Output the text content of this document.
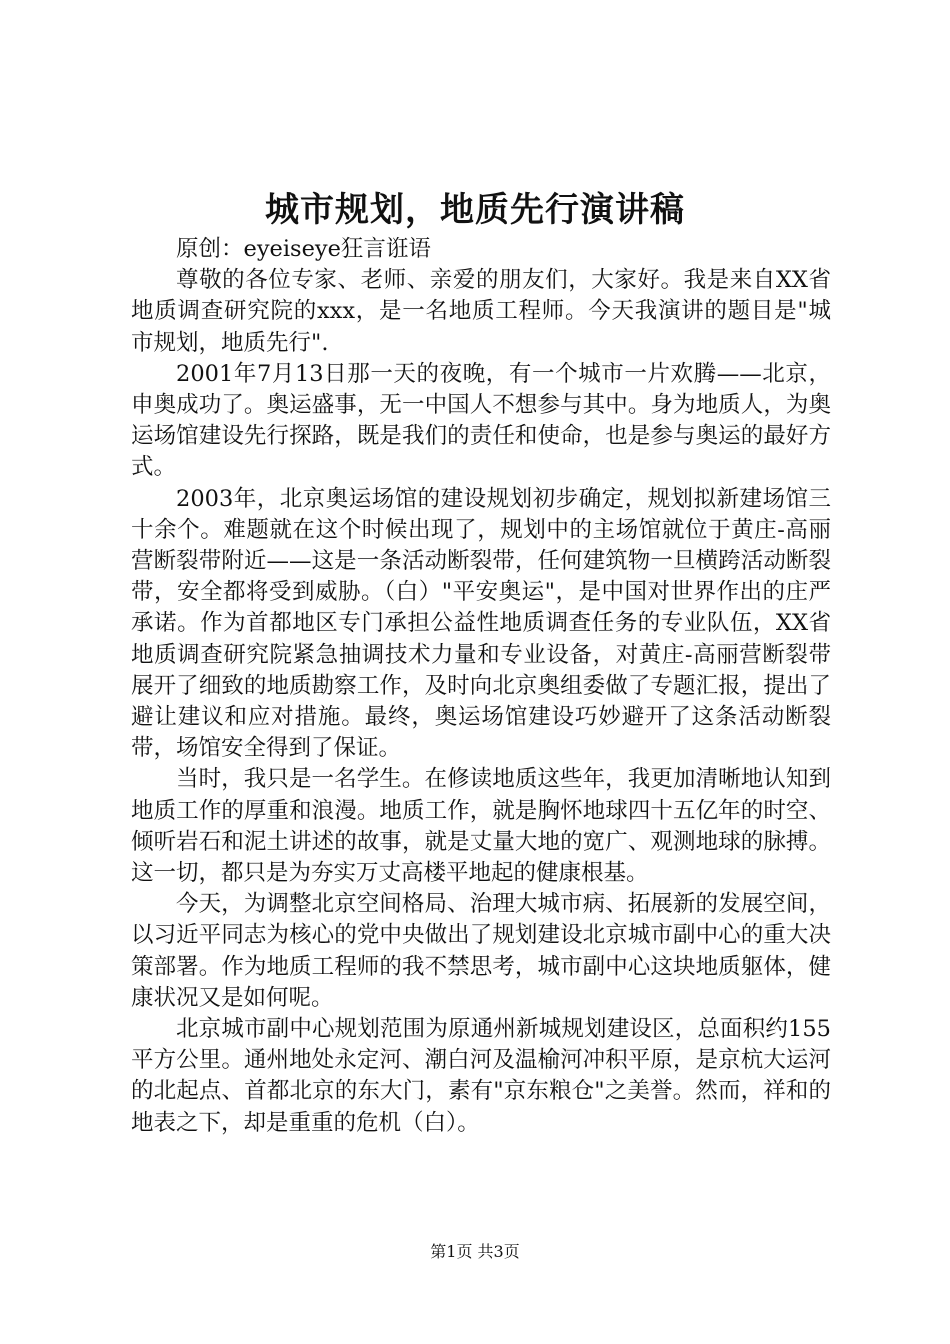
城市规划，地质先行演讲稿

原创：eyeiseye狂言诳语

尊敬的各位专家、老师、亲爱的朋友们，大家好。我是来自XX省地质调查研究院的xxx，是一名地质工程师。今天我演讲的题目是"城市规划，地质先行".

2001年7月13日那一天的夜晚，有一个城市一片欢腾——北京，申奥成功了。奥运盛事，无一中国人不想参与其中。身为地质人，为奥运场馆建设先行探路，既是我们的责任和使命，也是参与奥运的最好方式。

2003年，北京奥运场馆的建设规划初步确定，规划拟新建场馆三十余个。难题就在这个时候出现了，规划中的主场馆就位于黄庄-高丽营断裂带附近——这是一条活动断裂带，任何建筑物一旦横跨活动断裂带，安全都将受到威胁。（白）"平安奥运"，是中国对世界作出的庄严承诺。作为首都地区专门承担公益性地质调查任务的专业队伍，XX省地质调查研究院紧急抽调技术力量和专业设备，对黄庄-高丽营断裂带展开了细致的地质勘察工作，及时向北京奥组委做了专题汇报，提出了避让建议和应对措施。最终，奥运场馆建设巧妙避开了这条活动断裂带，场馆安全得到了保证。

当时，我只是一名学生。在修读地质这些年，我更加清晰地认知到地质工作的厚重和浪漫。地质工作，就是胸怀地球四十五亿年的时空、倾听岩石和泥土讲述的故事，就是丈量大地的宽广、观测地球的脉搏。这一切，都只是为夯实万丈高楼平地起的健康根基。

今天，为调整北京空间格局、治理大城市病、拓展新的发展空间，以习近平同志为核心的党中央做出了规划建设北京城市副中心的重大决策部署。作为地质工程师的我不禁思考，城市副中心这块地质躯体，健康状况又是如何呢。

北京城市副中心规划范围为原通州新城规划建设区，总面积约155平方公里。通州地处永定河、潮白河及温榆河冲积平原，是京杭大运河的北起点、首都北京的东大门，素有"京东粮仓"之美誉。然而，祥和的地表之下，却是重重的危机（白）。

第1页 共3页
